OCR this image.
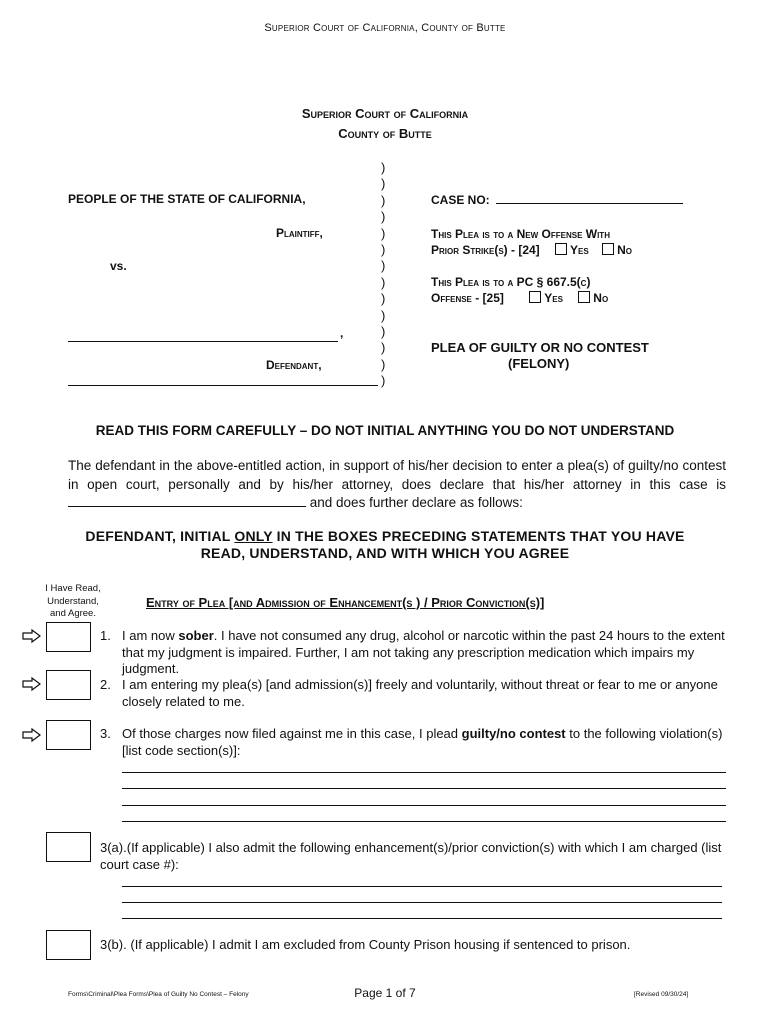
Superior Court of California, County of Butte
Superior Court of California
County of Butte
)
)
)
)
)
)
)
)
)
)
)
)
)
)
PEOPLE OF THE STATE OF CALIFORNIA,
Plaintiff,
vs.
,
Defendant,
CASE NO:
This Plea is to a New Offense With
Prior Strike(s) - [24]	Yes No
This Plea is to a PC § 667.5(c)
Offense - [25]	Yes	No
PLEA OF GUILTY OR NO CONTEST
(FELONY)
READ THIS FORM CAREFULLY – DO NOT INITIAL ANYTHING YOU DO NOT UNDERSTAND
The defendant in the above-entitled action, in support of his/her decision to enter a plea(s) of guilty/no contest in open court, personally and by his/her attorney, does declare that his/her attorney in this case is  and does further declare as follows:
DEFENDANT, INITIAL ONLY IN THE BOXES PRECEDING STATEMENTS THAT YOU HAVE
READ, UNDERSTAND, AND WITH WHICH YOU AGREE
I Have Read,
Understand,
and Agree.
Entry of Plea [and Admission of Enhancement(s ) / Prior Conviction(s)]
1. I am now sober. I have not consumed any drug, alcohol or narcotic within the past 24 hours to the extent that my judgment is impaired. Further, I am not taking any prescription medication which impairs my judgment.
2. I am entering my plea(s) [and admission(s)] freely and voluntarily, without threat or fear to me or anyone closely related to me.
3. Of those charges now filed against me in this case, I plead guilty/no contest to the following violation(s) [list code section(s)]:
3(a).(If applicable) I also admit the following enhancement(s)/prior conviction(s) with which I am charged (list court case #):
3(b). (If applicable) I admit I am excluded from County Prison housing if sentenced to prison.
Forms\Criminal\Plea Forms\Plea of Guilty No Contest – Felony	Page 1 of 7	[Revised 09/30/24]
